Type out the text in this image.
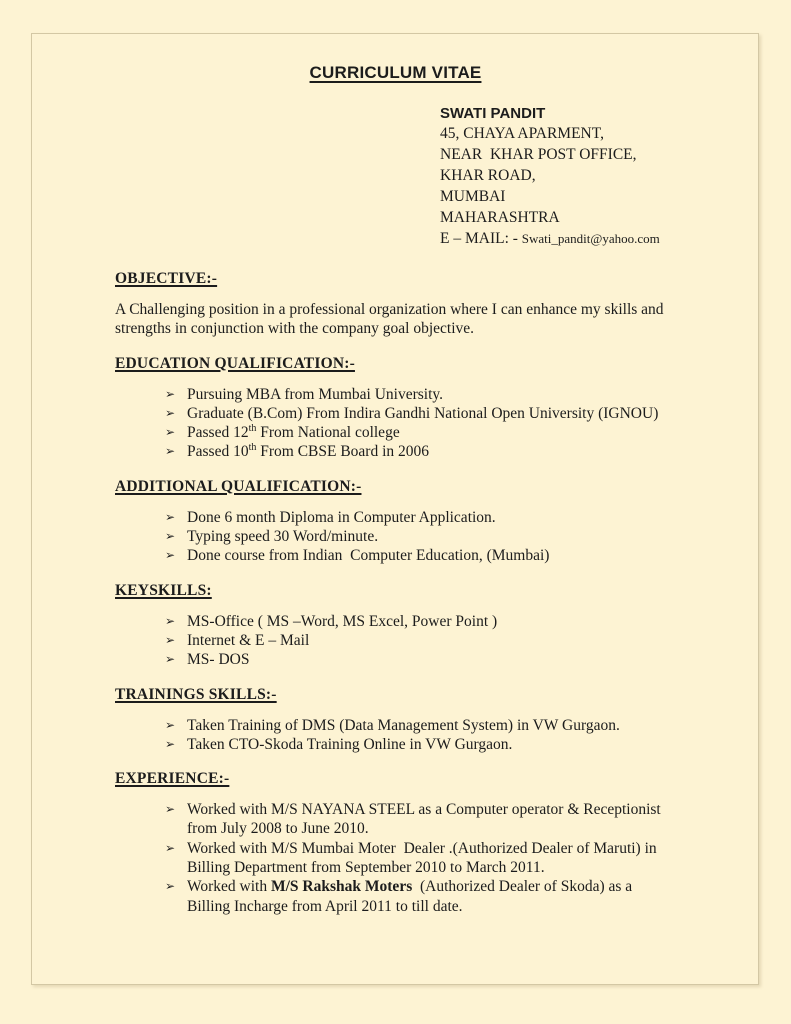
CURRICULUM VITAE
SWATI PANDIT
45, CHAYA APARMENT,
NEAR  KHAR POST OFFICE,
KHAR ROAD,
MUMBAI
MAHARASHTRA
E – MAIL: - Swati_pandit@yahoo.com
OBJECTIVE:-

A Challenging position in a professional organization where I can enhance my skills and strengths in conjunction with the company goal objective.

EDUCATION QUALIFICATION:-
➢ Pursuing MBA from Mumbai University.
➢ Graduate (B.Com) From Indira Gandhi National Open University (IGNOU)
➢ Passed 12th From National college
➢ Passed 10th From CBSE Board in 2006
ADDITIONAL QUALIFICATION:-
➢ Done 6 month Diploma in Computer Application.
➢ Typing speed 30 Word/minute.
➢ Done course from Indian  Computer Education, (Mumbai)
KEYSKILLS:
➢ MS-Office ( MS –Word, MS Excel, Power Point )
➢ Internet & E – Mail
➢ MS- DOS
TRAININGS SKILLS:-
➢ Taken Training of DMS (Data Management System) in VW Gurgaon.
➢ Taken CTO-Skoda Training Online in VW Gurgaon.
EXPERIENCE:-
➢ Worked with M/S NAYANA STEEL as a Computer operator & Receptionist from July 2008 to June 2010.
➢ Worked with M/S Mumbai Moter  Dealer .(Authorized Dealer of Maruti) in Billing Department from September 2010 to March 2011.
➢ Worked with M/S Rakshak Moters  (Authorized Dealer of Skoda) as a Billing Incharge from April 2011 to till date.
